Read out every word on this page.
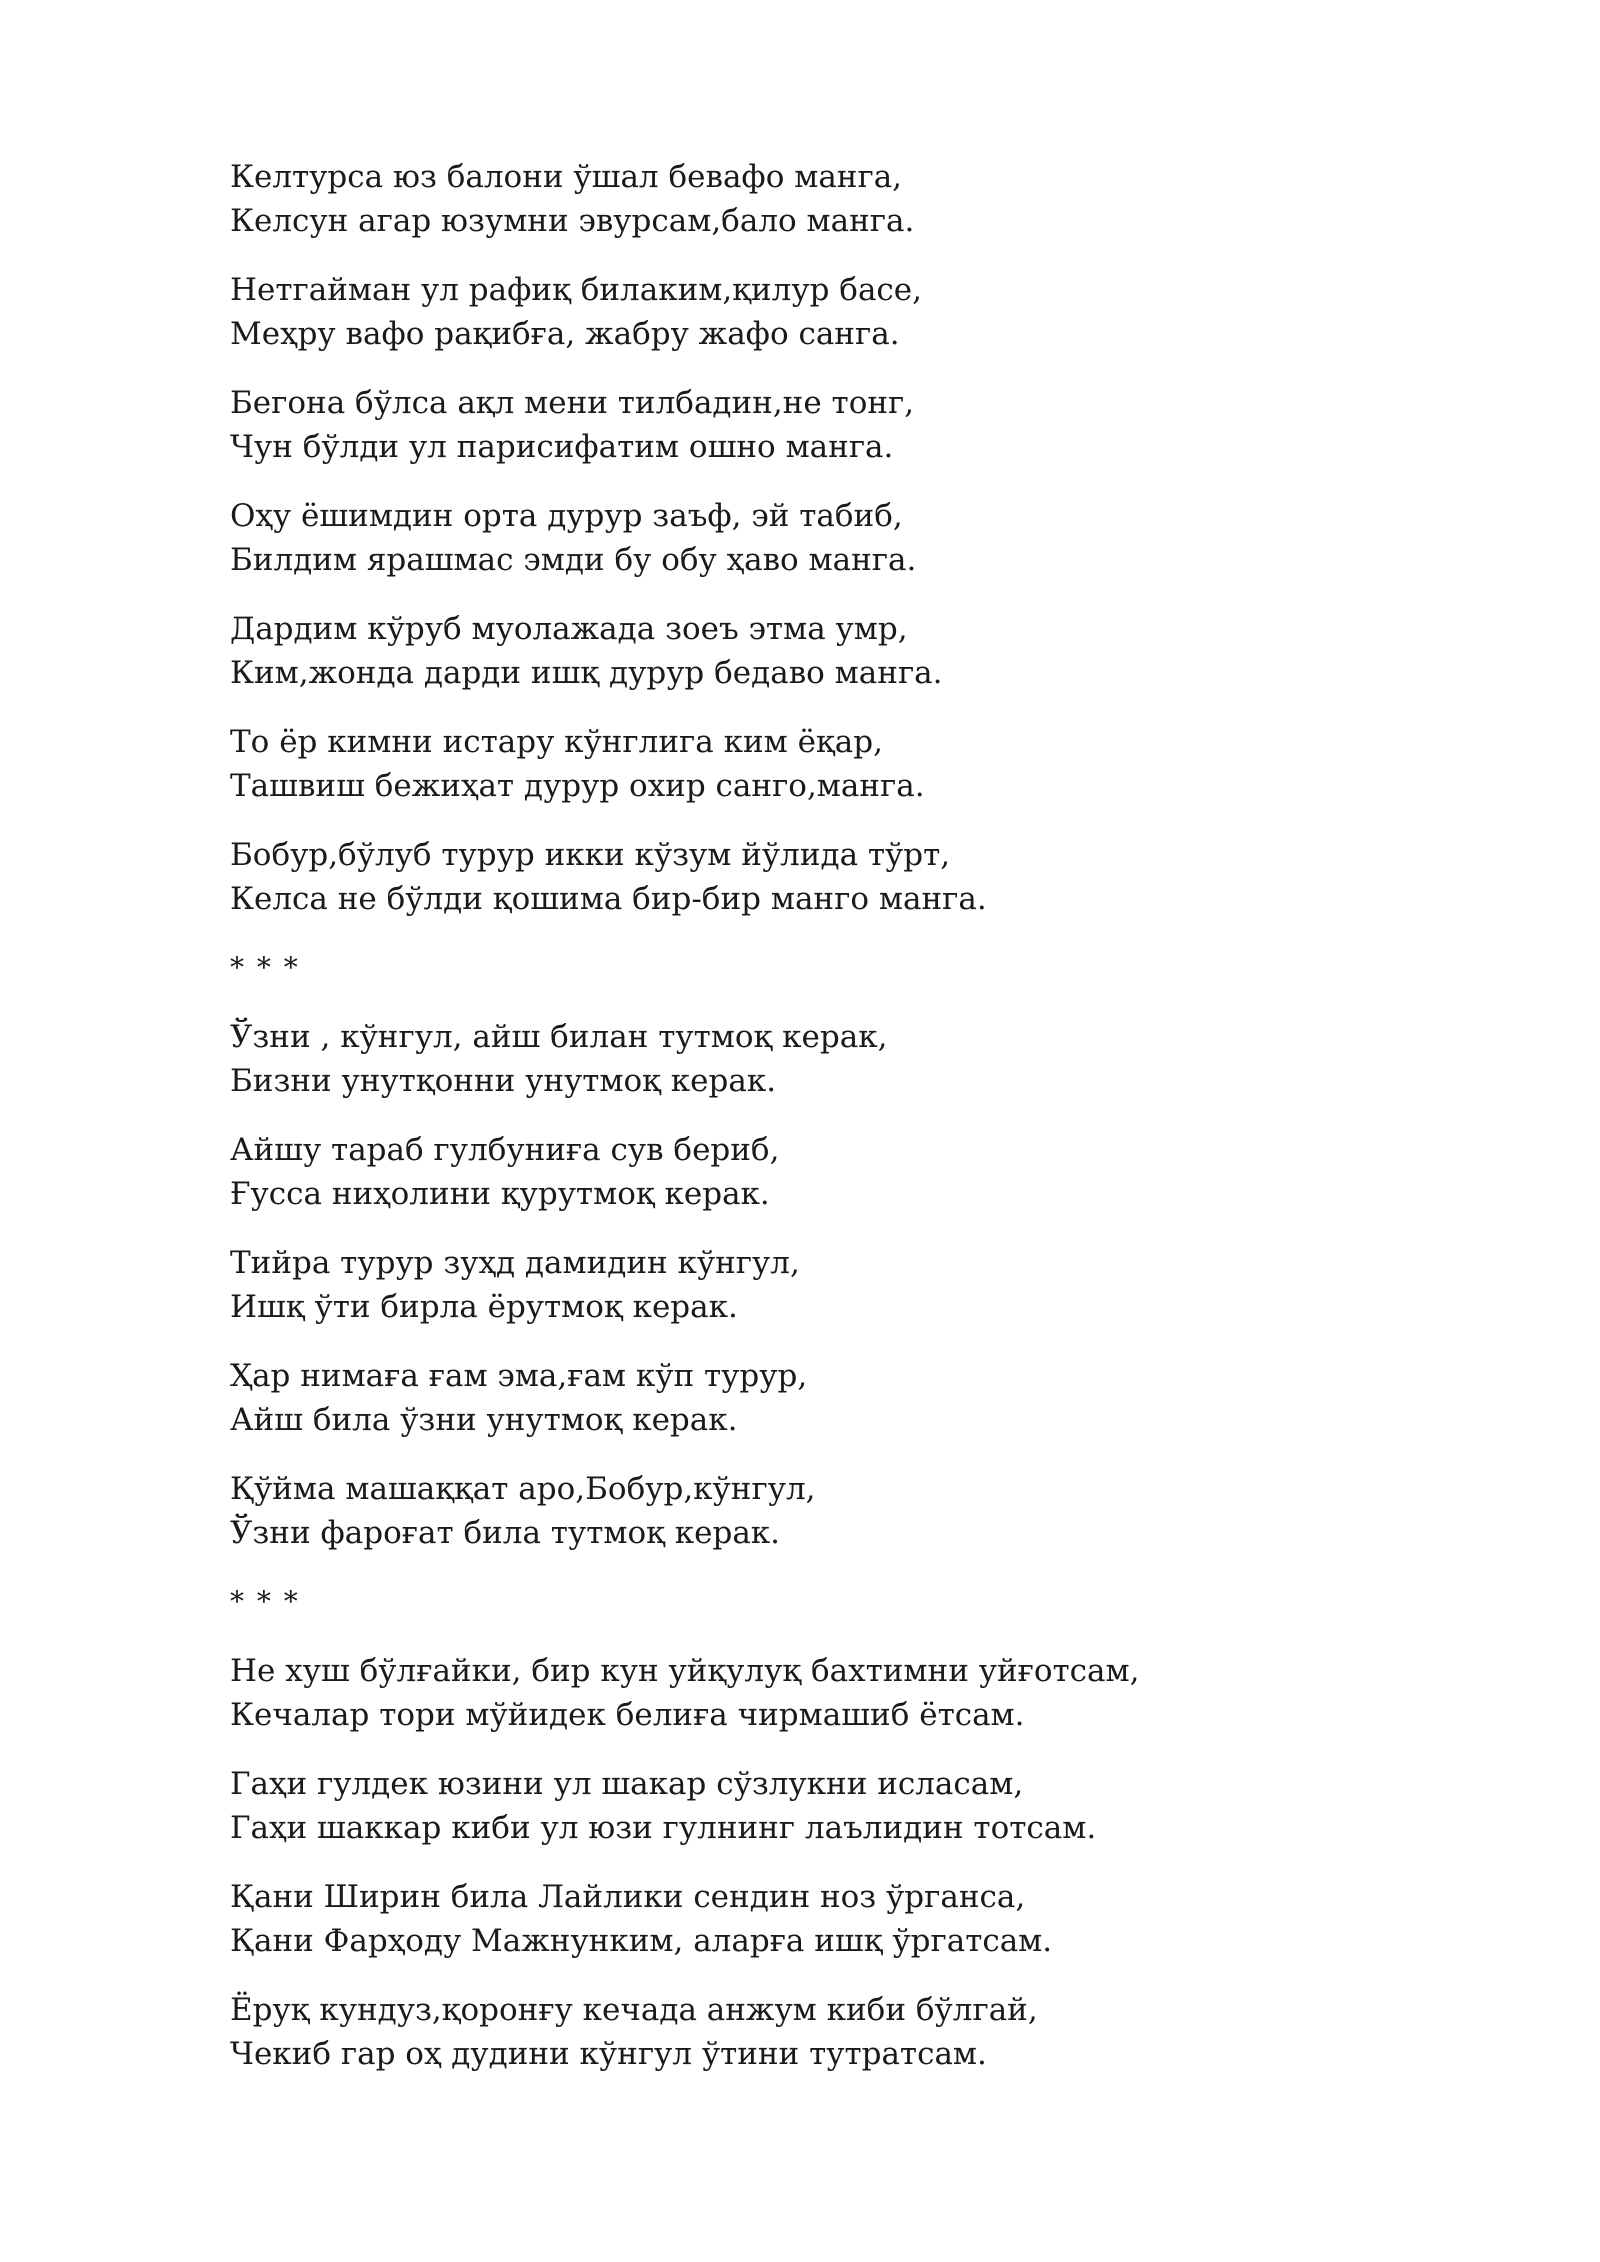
Келтурса юз балони ўшал бевафо манга,
Келсун агар юзумни эвурсам,бало манга.
Нетгайман ул рафиқ билаким,қилур басе,
Меҳру вафо рақибға, жабру жафо санга.
Бегона бўлса ақл мени тилбадин,не тонг,
Чун бўлди ул парисифатим ошно манга.
Оҳу ёшимдин орта дурур заъф, эй табиб,
Билдим ярашмас эмди бу обу ҳаво манга.
Дардим кўруб муолажада зоеъ этма умр,
Ким,жонда дарди ишқ дурур бедаво манга.
То ёр кимни истару кўнглига ким ёқар,
Ташвиш бежиҳат дурур охир санго,манга.
Бобур,бўлуб турур икки кўзум йўлида тўрт,
Келса не бўлди қошима бир-бир манго манга.
* * *
Ўзни , кўнгул, айш билан тутмоқ керак,
Бизни унутқонни унутмоқ керак.
Айшу тараб гулбуниға сув бериб,
Ғусса ниҳолини қурутмоқ керак.
Тийра турур зуҳд дамидин кўнгул,
Ишқ ўти бирла ёрутмоқ керак.
Ҳар нимаға ғам эма,ғам кўп турур,
Айш била ўзни унутмоқ керак.
Қўйма машаққат аро,Бобур,кўнгул,
Ўзни фароғат била тутмоқ керак.
* * *
Не хуш бўлғайки, бир кун уйқулуқ бахтимни уйғотсам,
Кечалар тори мўйидек белиға чирмашиб ётсам.
Гаҳи гулдек юзини ул шакар сўзлукни исласам,
Гаҳи шаккар киби ул юзи гулнинг лаълидин тотсам.
Қани Ширин била Лайлики сендин ноз ўрганса,
Қани Фарҳоду Мажнунким, аларға ишқ ўргатсам.
Ёруқ кундуз,қоронғу кечада анжум киби бўлгай,
Чекиб гар оҳ дудини кўнгул ўтини тутратсам.
